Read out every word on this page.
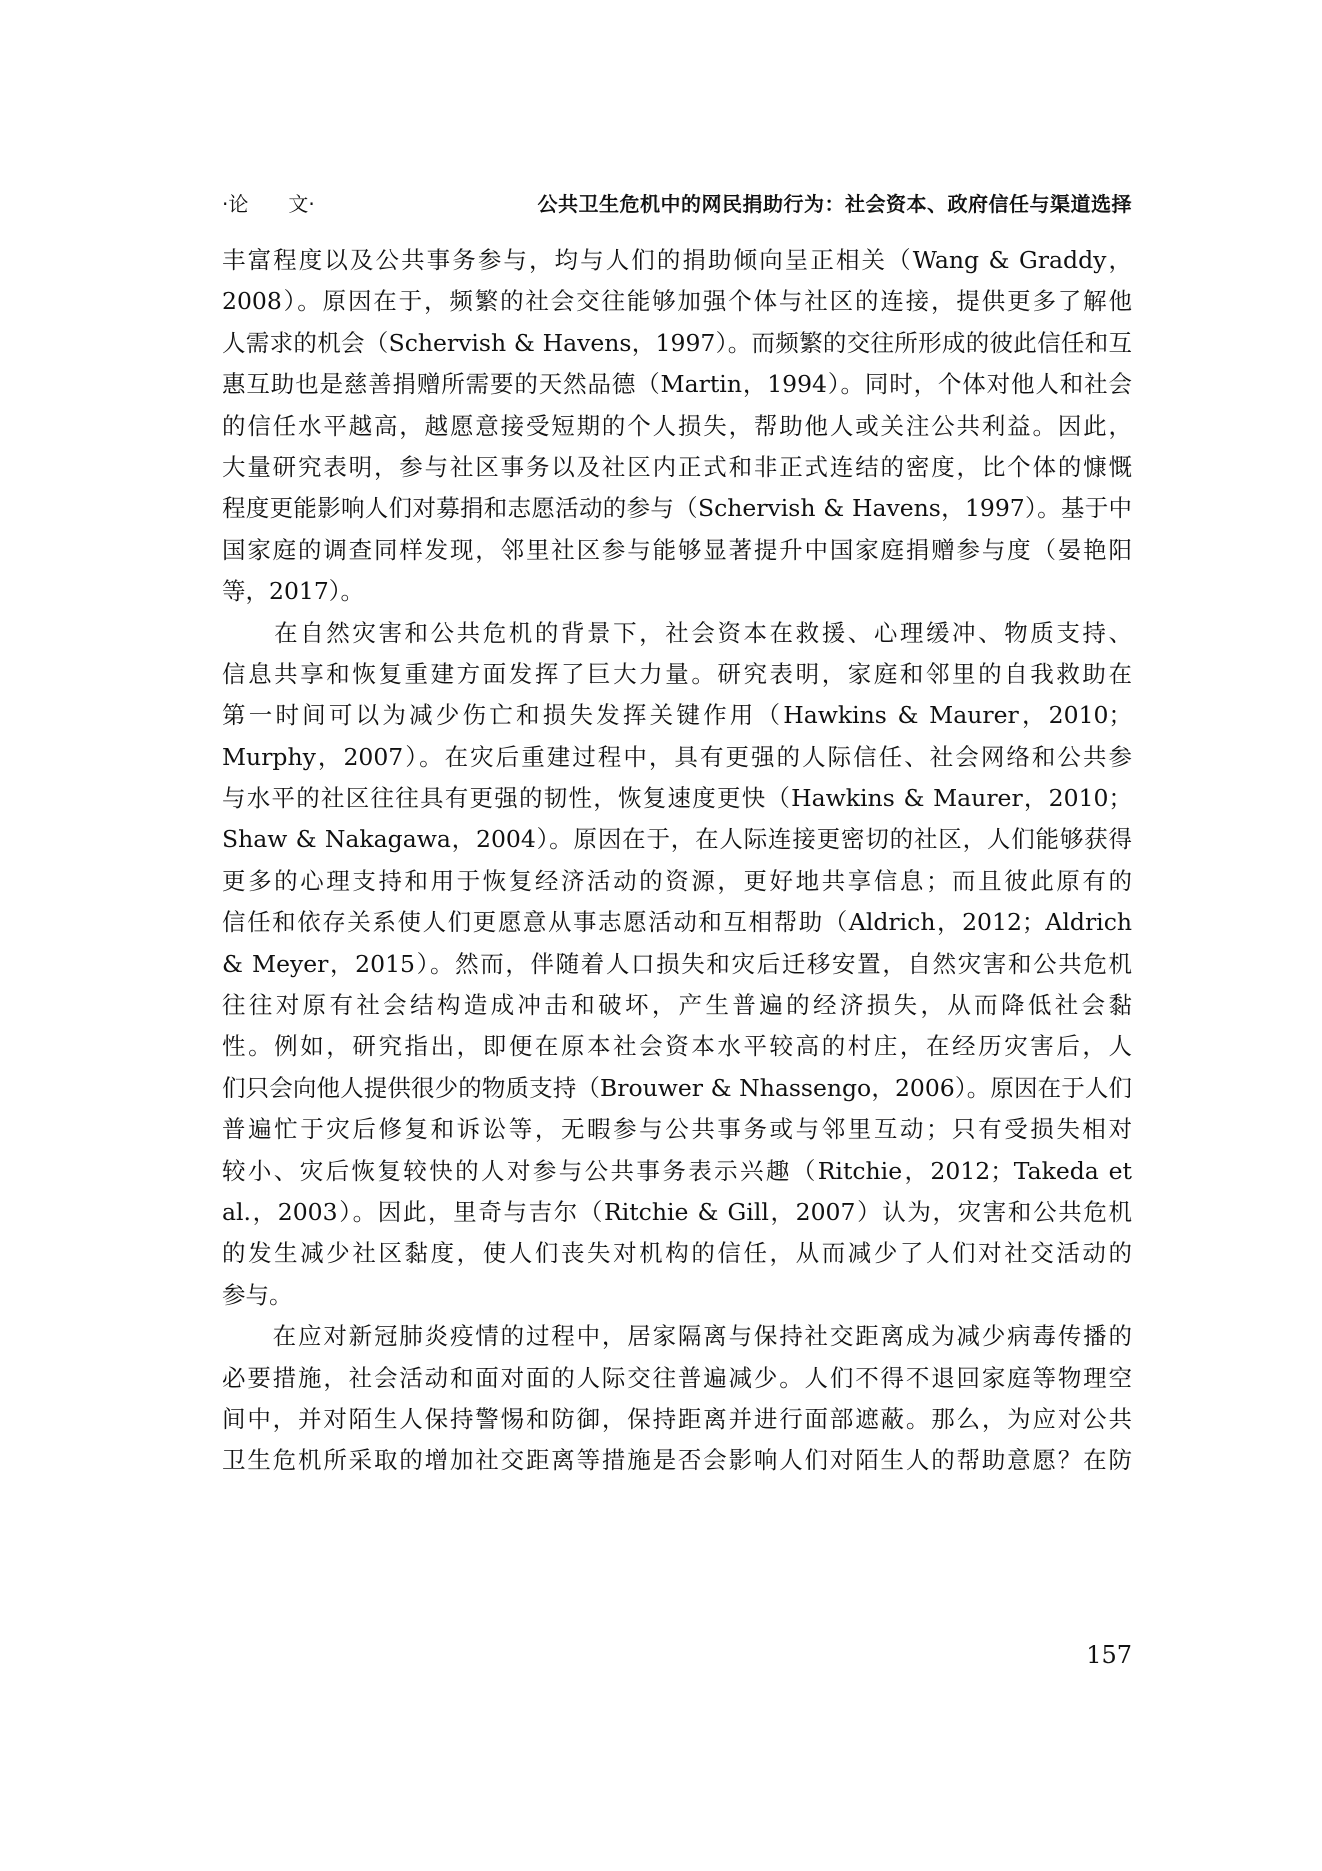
·论　　文·	公共卫生危机中的网民捐助行为：社会资本、政府信任与渠道选择
丰富程度以及公共事务参与，均与人们的捐助倾向呈正相关（Wang & Graddy，
2008）。原因在于，频繁的社会交往能够加强个体与社区的连接，提供更多了解他
人需求的机会（Schervish & Havens，1997）。而频繁的交往所形成的彼此信任和互
惠互助也是慈善捐赠所需要的天然品德（Martin，1994）。同时，个体对他人和社会
的信任水平越高，越愿意接受短期的个人损失，帮助他人或关注公共利益。因此，
大量研究表明，参与社区事务以及社区内正式和非正式连结的密度，比个体的慷慨
程度更能影响人们对募捐和志愿活动的参与（Schervish & Havens，1997）。基于中
国家庭的调查同样发现，邻里社区参与能够显著提升中国家庭捐赠参与度（晏艳阳
等，2017）。
　　在自然灾害和公共危机的背景下，社会资本在救援、心理缓冲、物质支持、
信息共享和恢复重建方面发挥了巨大力量。研究表明，家庭和邻里的自我救助在
第一时间可以为减少伤亡和损失发挥关键作用（Hawkins & Maurer，2010；
Murphy，2007）。在灾后重建过程中，具有更强的人际信任、社会网络和公共参
与水平的社区往往具有更强的韧性，恢复速度更快（Hawkins & Maurer，2010；
Shaw & Nakagawa，2004）。原因在于，在人际连接更密切的社区，人们能够获得
更多的心理支持和用于恢复经济活动的资源，更好地共享信息；而且彼此原有的
信任和依存关系使人们更愿意从事志愿活动和互相帮助（Aldrich，2012；Aldrich
& Meyer，2015）。然而，伴随着人口损失和灾后迁移安置，自然灾害和公共危机
往往对原有社会结构造成冲击和破坏，产生普遍的经济损失，从而降低社会黏
性。例如，研究指出，即便在原本社会资本水平较高的村庄，在经历灾害后，人
们只会向他人提供很少的物质支持（Brouwer & Nhassengo，2006）。原因在于人们
普遍忙于灾后修复和诉讼等，无暇参与公共事务或与邻里互动；只有受损失相对
较小、灾后恢复较快的人对参与公共事务表示兴趣（Ritchie，2012；Takeda et
al.，2003）。因此，里奇与吉尔（Ritchie & Gill，2007）认为，灾害和公共危机
的发生减少社区黏度，使人们丧失对机构的信任，从而减少了人们对社交活动的
参与。
　　在应对新冠肺炎疫情的过程中，居家隔离与保持社交距离成为减少病毒传播的
必要措施，社会活动和面对面的人际交往普遍减少。人们不得不退回家庭等物理空
间中，并对陌生人保持警惕和防御，保持距离并进行面部遮蔽。那么，为应对公共
卫生危机所采取的增加社交距离等措施是否会影响人们对陌生人的帮助意愿？在防
157
